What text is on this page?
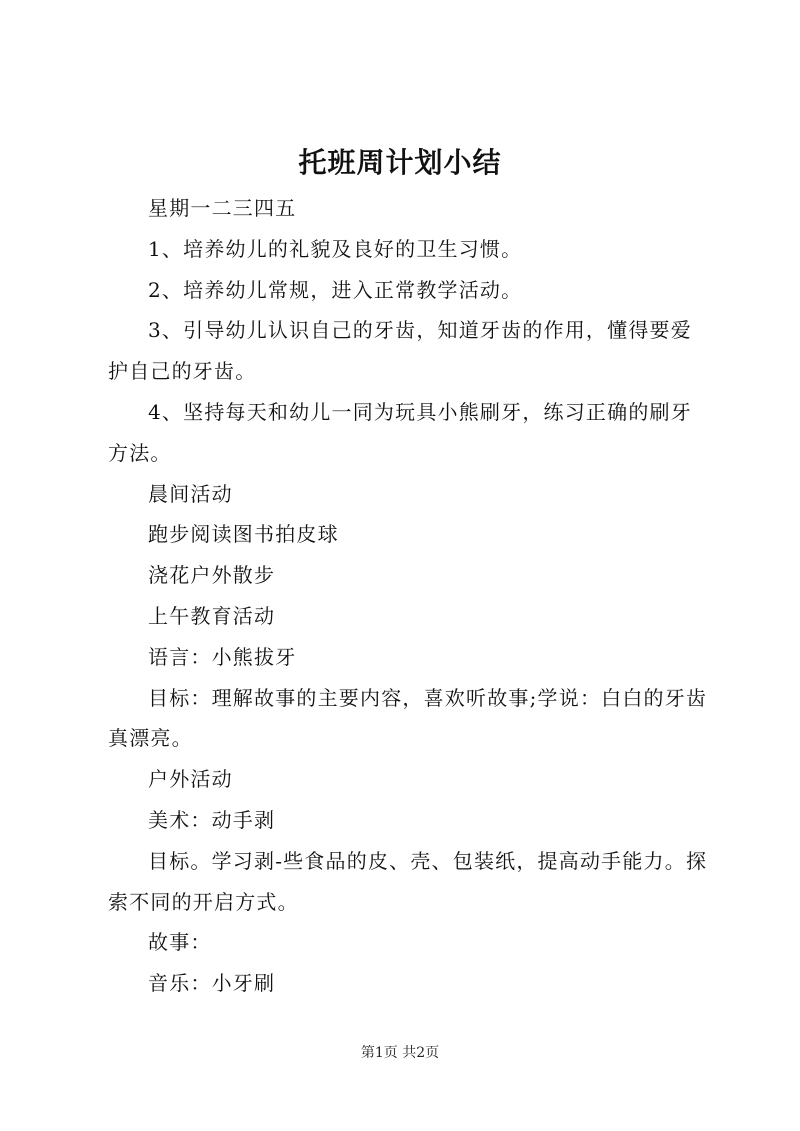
托班周计划小结

星期一二三四五

1、培养幼儿的礼貌及良好的卫生习惯。

2、培养幼儿常规，进入正常教学活动。

3、引导幼儿认识自己的牙齿，知道牙齿的作用，懂得要爱护自己的牙齿。

4、坚持每天和幼儿一同为玩具小熊刷牙，练习正确的刷牙方法。

晨间活动

跑步阅读图书拍皮球

浇花户外散步

上午教育活动

语言：小熊拔牙

目标：理解故事的主要内容，喜欢听故事;学说：白白的牙齿真漂亮。

户外活动

美术：动手剥

目标。学习剥-些食品的皮、壳、包装纸，提高动手能力。探索不同的开启方式。

故事：

音乐：小牙刷

第1页 共2页
